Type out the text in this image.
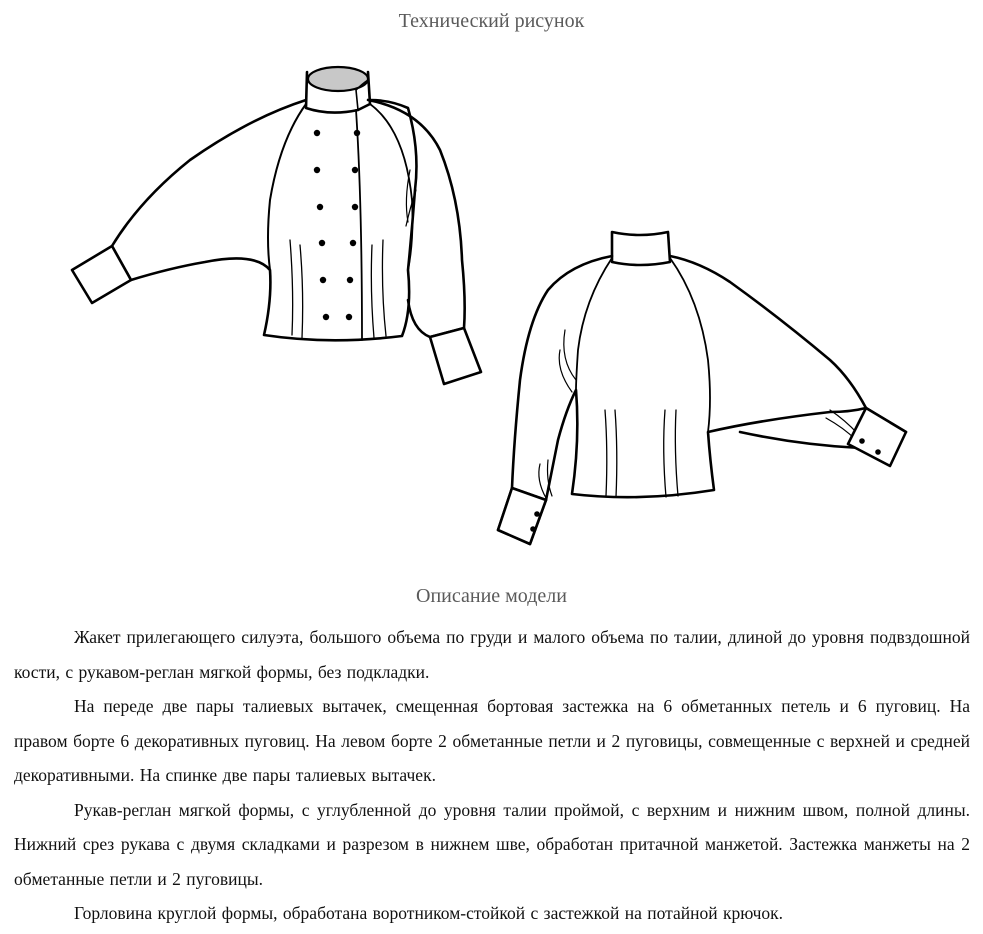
Технический рисунок
Описание модели

Жакет прилегающего силуэта, большого объема по груди и малого объема по талии, длиной до уровня подвздошной кости, с рукавом-реглан мягкой формы, без подкладки.

На переде две пары талиевых вытачек, смещенная бортовая застежка на 6 обметанных петель и 6 пуговиц. На правом борте 6 декоративных пуговиц. На левом борте 2 обметанные петли и 2 пуговицы, совмещенные с верхней и средней декоративными. На спинке две пары талиевых вытачек.

Рукав-реглан мягкой формы, с углубленной до уровня талии проймой, с верхним и нижним швом, полной длины. Нижний срез рукава с двумя складками и разрезом в нижнем шве, обработан притачной манжетой. Застежка манжеты на 2 обметанные петли и 2 пуговицы.

Горловина круглой формы, обработана воротником-стойкой с застежкой на потайной крючок.
